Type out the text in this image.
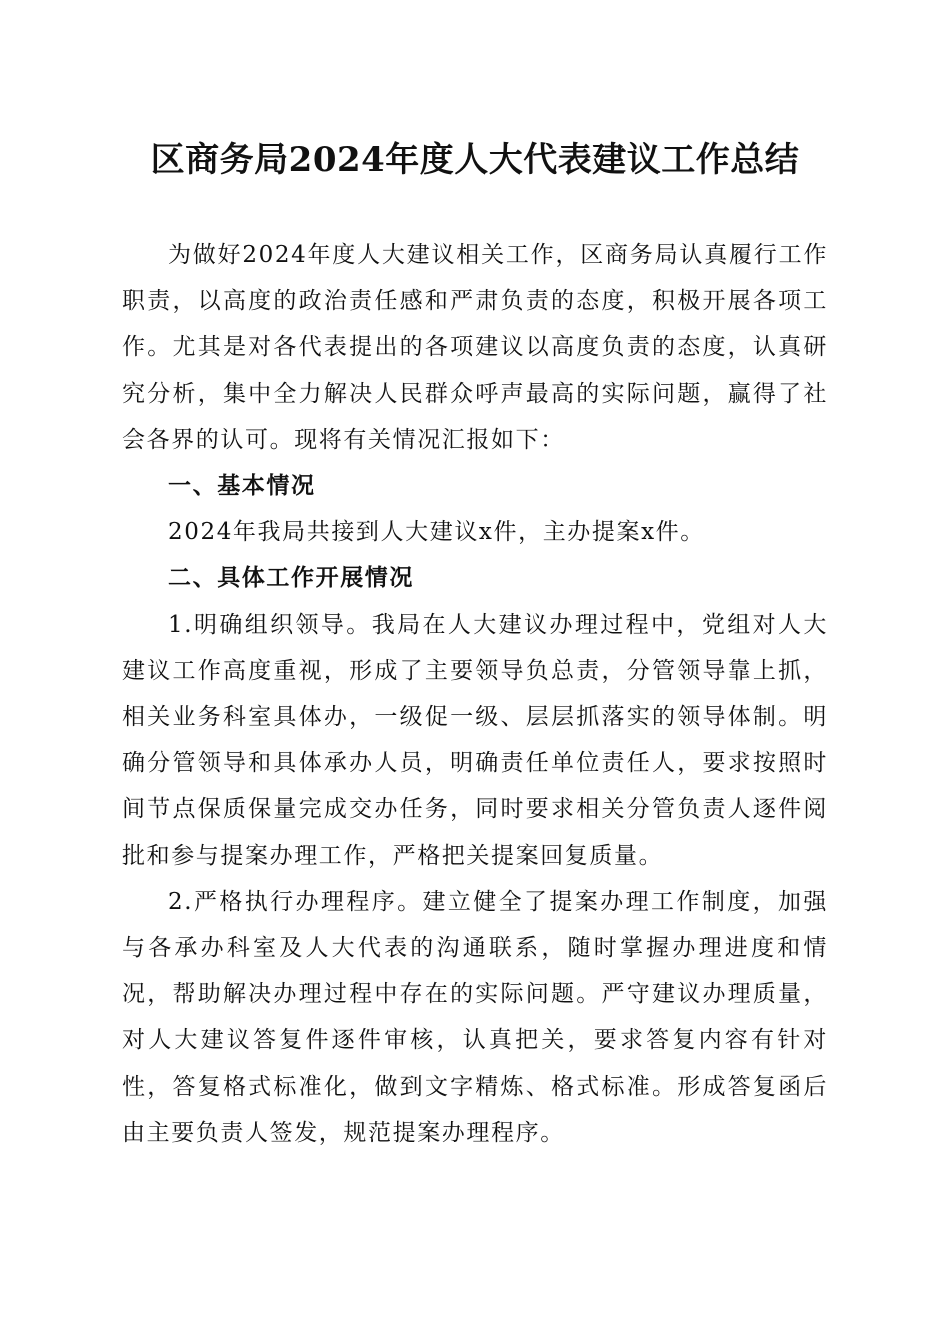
区商务局2024年度人大代表建议工作总结

为做好2024年度人大建议相关工作，区商务局认真履行工作职责，以高度的政治责任感和严肃负责的态度，积极开展各项工作。尤其是对各代表提出的各项建议以高度负责的态度，认真研究分析，集中全力解决人民群众呼声最高的实际问题，赢得了社会各界的认可。现将有关情况汇报如下：

一、基本情况

2024年我局共接到人大建议x件，主办提案x件。

二、具体工作开展情况

1.明确组织领导。我局在人大建议办理过程中，党组对人大建议工作高度重视，形成了主要领导负总责，分管领导靠上抓，相关业务科室具体办，一级促一级、层层抓落实的领导体制。明确分管领导和具体承办人员，明确责任单位责任人，要求按照时间节点保质保量完成交办任务，同时要求相关分管负责人逐件阅批和参与提案办理工作，严格把关提案回复质量。

2.严格执行办理程序。建立健全了提案办理工作制度，加强与各承办科室及人大代表的沟通联系，随时掌握办理进度和情况，帮助解决办理过程中存在的实际问题。严守建议办理质量，对人大建议答复件逐件审核，认真把关，要求答复内容有针对性，答复格式标准化，做到文字精炼、格式标准。形成答复函后由主要负责人签发，规范提案办理程序。
